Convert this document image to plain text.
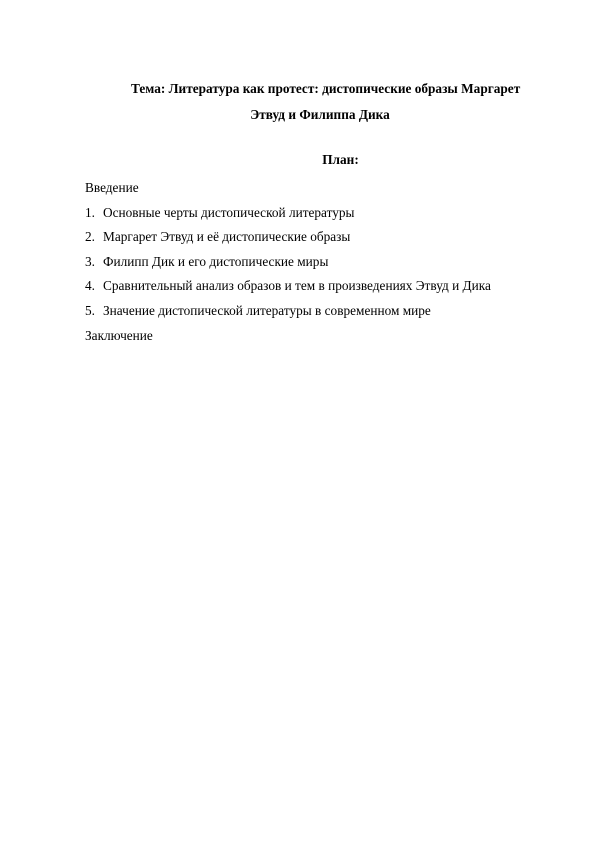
Тема: Литература как протест: дистопические образы Маргарет
Этвуд и Филиппа Дика
План:
Введение
1. Основные черты дистопической литературы
2. Маргарет Этвуд и её дистопические образы
3. Филипп Дик и его дистопические миры
4. Сравнительный анализ образов и тем в произведениях Этвуд и Дика
5. Значение дистопической литературы в современном мире
Заключение
